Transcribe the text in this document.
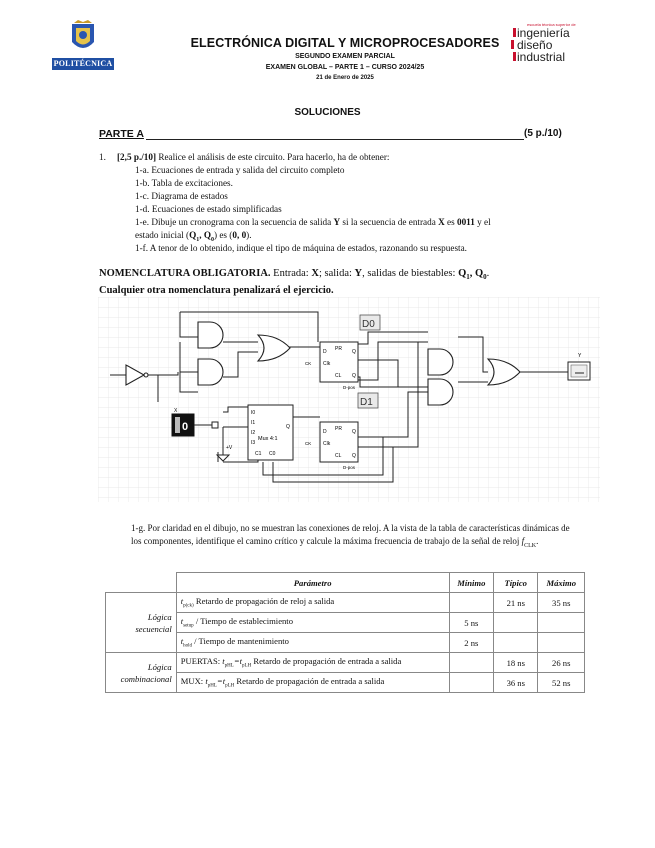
POLITÉCNICA
ELECTRÓNICA DIGITAL Y MICROPROCESADORES
SEGUNDO EXAMEN PARCIAL
EXAMEN GLOBAL – PARTE 1 – CURSO 2024/25
21 de Enero de 2025
escuela técnica superior de
ingeniería
diseño
industrial
SOLUCIONES
PARTE A	(5 p./10)
1. [2,5 p./10] Realice el análisis de este circuito. Para hacerlo, ha de obtener:
1-a. Ecuaciones de entrada y salida del circuito completo
1-b. Tabla de excitaciones.
1-c. Diagrama de estados
1-d. Ecuaciones de estado simplificadas
1-e. Dibuje un cronograma con la secuencia de salida Y si la secuencia de entrada X es 0011 y el
estado inicial ($Q_1$, $Q_0$) es (0, 0).
1-f. A tenor de lo obtenido, indique el tipo de máquina de estados, razonando su respuesta.
NOMENCLATURA OBLIGATORIA. Entrada: X; salida: Y, salidas de biestables: $Q_1$, $Q_0$.
Cualquier otra nomenclatura penalizará el ejercicio.
D PR Q
Clk
CL Q
D-pos
CK
D0
D PR Q
Clk
CL Q
D-pos
CK
D1
I0
I1
I2
I3
Q
Mux 4:1
C1 C0
X
0
+V
Y
1-g. Por claridad en el dibujo, no se muestran las conexiones de reloj. A la vista de la tabla de características dinámicas de los componentes, identifique el camino crítico y calcule la máxima frecuencia de trabajo de la señal de reloj $f_{CLK}$.
	Parámetro	Mínimo	Típico	Máximo
Lógica secuencial	$t_{p(ck)}$ Retardo de propagación de reloj a salida		21 ns	35 ns
	$t_{setup}$ / Tiempo de establecimiento	5 ns		
	$t_{hold}$ / Tiempo de mantenimiento	2 ns		
Lógica combinacional	PUERTAS: $t_{pHL}=t_{pLH}$ Retardo de propagación de entrada a salida		18 ns	26 ns
	MUX: $t_{pHL}=t_{pLH}$ Retardo de propagación de entrada a salida		36 ns	52 ns
